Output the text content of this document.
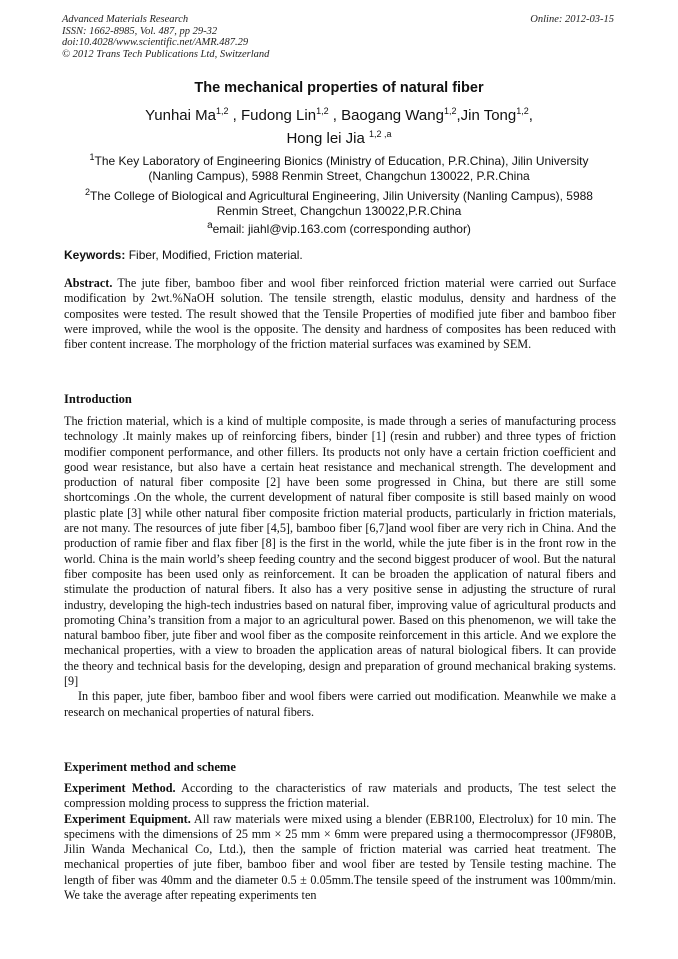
Advanced Materials Research
ISSN: 1662-8985, Vol. 487, pp 29-32
doi:10.4028/www.scientific.net/AMR.487.29
© 2012 Trans Tech Publications Ltd, Switzerland
Online: 2012-03-15
The mechanical properties of natural fiber
Yunhai Ma$^{1,2}$ , Fudong Lin$^{1,2}$ , Baogang Wang$^{1,2}$,Jin Tong$^{1,2}$,
Hong lei Jia $^{1,2 ,a}$
$^1$The Key Laboratory of Engineering Bionics (Ministry of Education, P.R.China), Jilin University (Nanling Campus), 5988 Renmin Street, Changchun 130022, P.R.China
$^2$The College of Biological and Agricultural Engineering, Jilin University (Nanling Campus), 5988 Renmin Street, Changchun 130022,P.R.China
$^a$email: jiahl@vip.163.com (corresponding author)
Keywords: Fiber, Modified, Friction material.
Abstract. The jute fiber, bamboo fiber and wool fiber reinforced friction material were carried out Surface modification by 2wt.%NaOH solution. The tensile strength, elastic modulus, density and hardness of the composites were tested. The result showed that the Tensile Properties of modified jute fiber and bamboo fiber were improved, while the wool is the opposite. The density and hardness of composites has been reduced with fiber content increase. The morphology of the friction material surfaces was examined by SEM.
Introduction

The friction material, which is a kind of multiple composite, is made through a series of manufacturing process technology .It mainly makes up of reinforcing fibers, binder [1] (resin and rubber) and three types of friction modifier component performance, and other fillers. Its products not only have a certain friction coefficient and good wear resistance, but also have a certain heat resistance and mechanical strength. The development and production of natural fiber composite [2] have been some progressed in China, but there are still some shortcomings .On the whole, the current development of natural fiber composite is still based mainly on wood plastic plate [3] while other natural fiber composite friction material products, particularly in friction materials, are not many. The resources of jute fiber [4,5], bamboo fiber [6,7]and wool fiber are very rich in China. And the production of ramie fiber and flax fiber [8] is the first in the world, while the jute fiber is in the front row in the world. China is the main world’s sheep feeding country and the second biggest producer of wool. But the natural fiber composite has been used only as reinforcement. It can be broaden the application of natural fibers and stimulate the production of natural fibers. It also has a very positive sense in adjusting the structure of rural industry, developing the high-tech industries based on natural fiber, improving value of agricultural products and promoting China’s transition from a major to an agricultural power. Based on this phenomenon, we will take the natural bamboo fiber, jute fiber and wool fiber as the composite reinforcement in this article. And we explore the mechanical properties, with a view to broaden the application areas of natural biological fibers. It can provide the theory and technical basis for the developing, design and preparation of ground mechanical braking systems.[9]

In this paper, jute fiber, bamboo fiber and wool fibers were carried out modification. Meanwhile we make a research on mechanical properties of natural fibers.

Experiment method and scheme

Experiment Method. According to the characteristics of raw materials and products, The test select the compression molding process to suppress the friction material.

Experiment Equipment. All raw materials were mixed using a blender (EBR100, Electrolux) for 10 min. The specimens with the dimensions of 25 mm × 25 mm × 6mm were prepared using a thermocompressor (JF980B, Jilin Wanda Mechanical Co, Ltd.), then the sample of friction material was carried heat treatment. The mechanical properties of jute fiber, bamboo fiber and wool fiber are tested by Tensile testing machine. The length of fiber was 40mm and the diameter 0.5 ± 0.05mm.The tensile speed of the instrument was 100mm/min. We take the average after repeating experiments ten
